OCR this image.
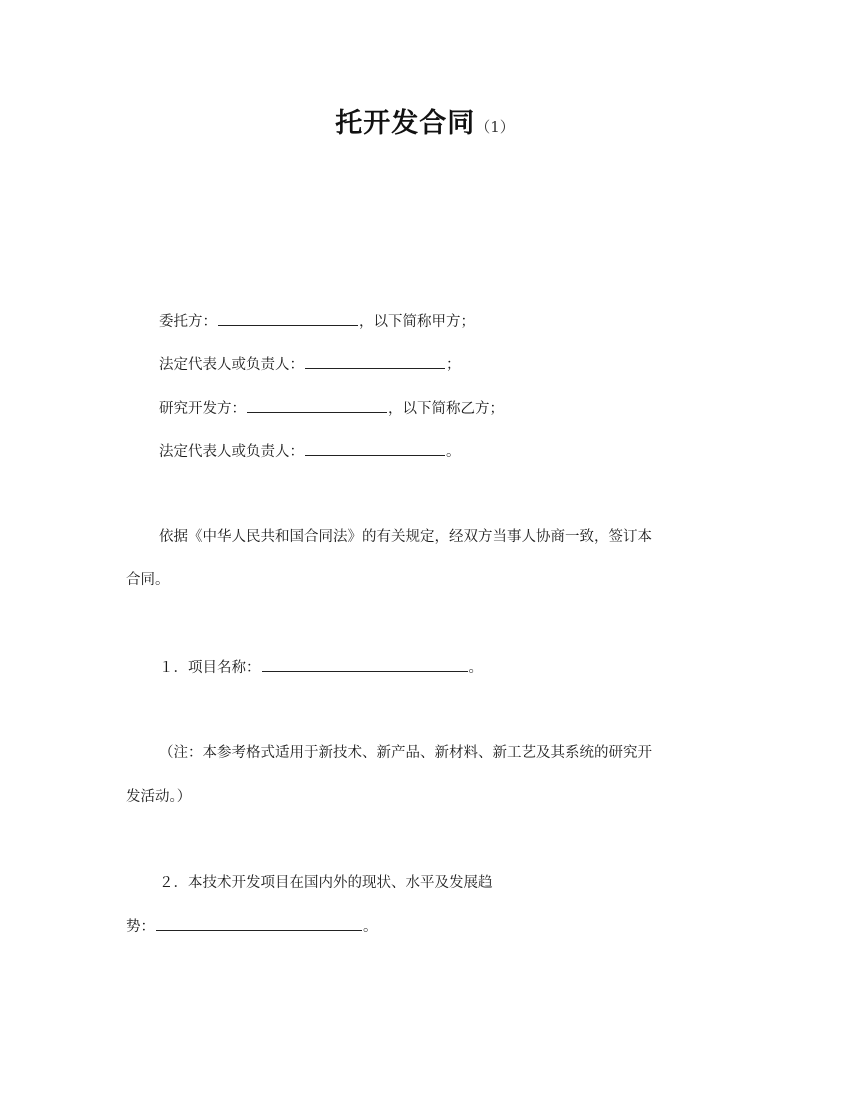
托开发合同（1）
委托方：	，以下简称甲方；
法定代表人或负责人：	；
研究开发方：	，以下简称乙方；
法定代表人或负责人：	。
依据《中华人民共和国合同法》的有关规定，经双方当事人协商一致，签订本
合同。
１．项目名称：	。
（注：本参考格式适用于新技术、新产品、新材料、新工艺及其系统的研究开
发活动。）
２．本技术开发项目在国内外的现状、水平及发展趋
势：	。
